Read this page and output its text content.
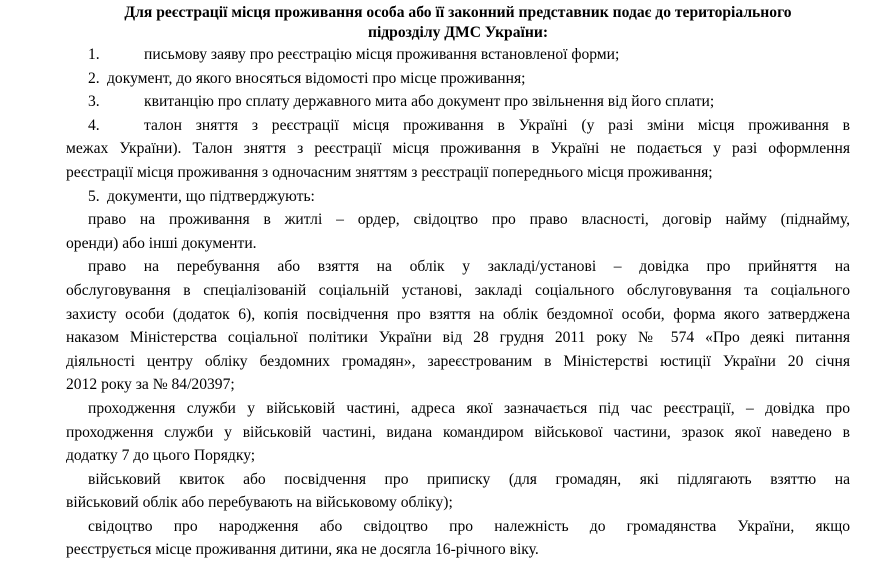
Для реєстрації місця проживання особа або її законний представник подає до територіального
підрозділу ДМС України:
1.	письмову заяву про реєстрацію місця проживання встановленої форми;
2. документ, до якого вносяться відомості про місце проживання;
3.	квитанцію про сплату державного мита або документ про звільнення від його сплати;
4.	талон зняття з реєстрації місця проживання в Україні (у разі зміни місця проживання в
межах України). Талон зняття з реєстрації місця проживання в Україні не подається у разі оформлення
реєстрації місця проживання з одночасним зняттям з реєстрації попереднього місця проживання;
5. документи, що підтверджують:
право на проживання в житлі – ордер, свідоцтво про право власності, договір найму (піднайму,
оренди) або інші документи.
право на перебування або взяття на облік у закладі/установі – довідка про прийняття на
обслуговування в спеціалізованій соціальній установі, закладі соціального обслуговування та соціального
захисту особи (додаток 6), копія посвідчення про взяття на облік бездомної особи, форма якого затверджена
наказом Міністерства соціальної політики України від 28 грудня 2011 року № 574 «Про деякі питання
діяльності центру обліку бездомних громадян», зареєстрованим в Міністерстві юстиції України 20 січня
2012 року за № 84/20397;
проходження служби у військовій частині, адреса якої зазначається під час реєстрації, – довідка про
проходження служби у військовій частині, видана командиром військової частини, зразок якої наведено в
додатку 7 до цього Порядку;
військовий квиток або посвідчення про приписку (для громадян, які підлягають взяттю на
військовий облік або перебувають на військовому обліку);
свідоцтво про народження або свідоцтво про належність до громадянства України, якщо
реєструється місце проживання дитини, яка не досягла 16-річного віку.
